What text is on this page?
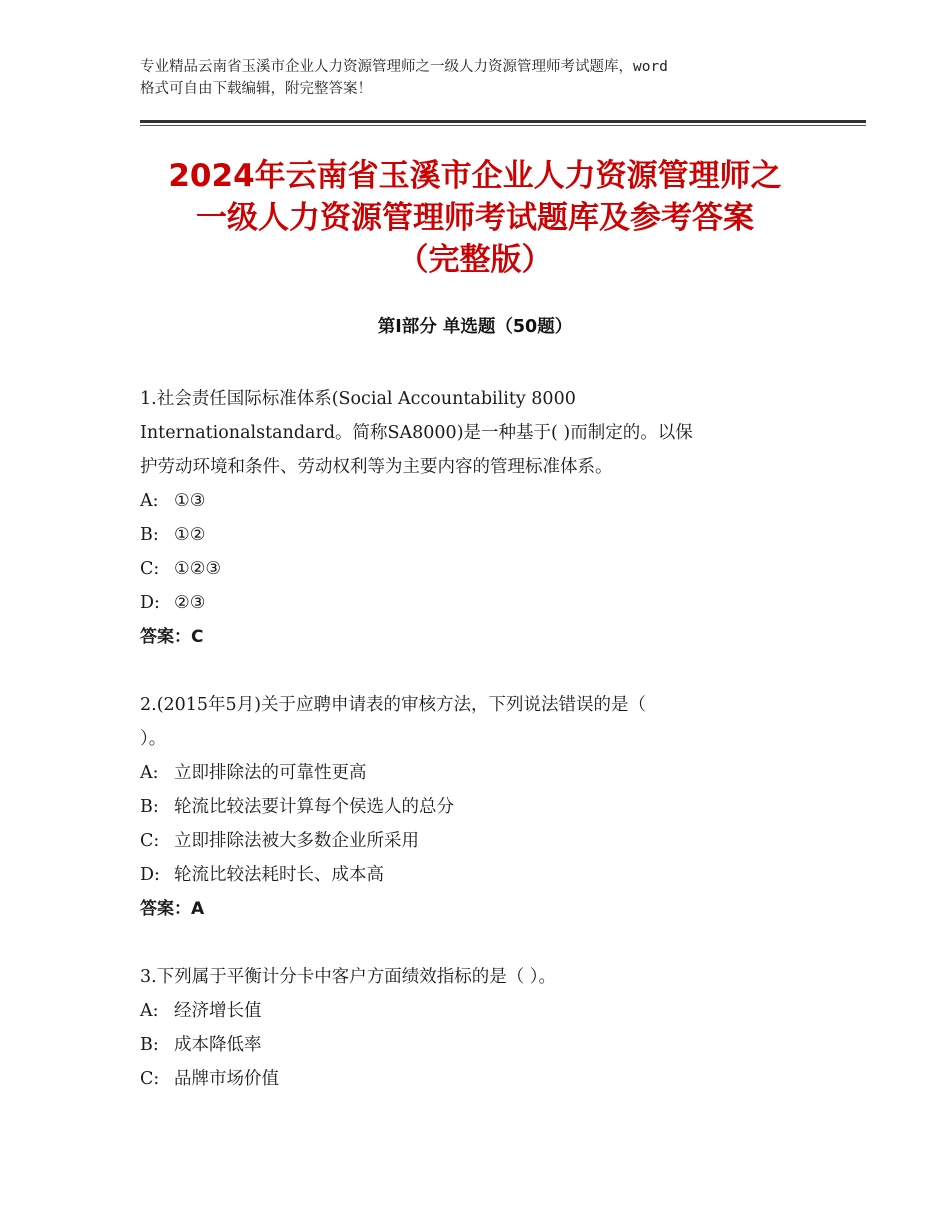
专业精品云南省玉溪市企业人力资源管理师之一级人力资源管理师考试题库，word
格式可自由下载编辑，附完整答案！
2024年云南省玉溪市企业人力资源管理师之
一级人力资源管理师考试题库及参考答案
（完整版）
第Ⅰ部分 单选题（50题）
1.社会责任国际标准体系(Social Accountability 8000
Internationalstandard。简称SA8000)是一种基于( )而制定的。以保
护劳动环境和条件、劳动权利等为主要内容的管理标准体系。
A: ①③
B: ①②
C: ①②③
D: ②③
答案：C
2.(2015年5月)关于应聘申请表的审核方法，下列说法错误的是（
）。
A: 立即排除法的可靠性更高
B: 轮流比较法要计算每个侯选人的总分
C: 立即排除法被大多数企业所采用
D: 轮流比较法耗时长、成本高
答案：A
3.下列属于平衡计分卡中客户方面绩效指标的是（ ）。
A: 经济增长值
B: 成本降低率
C: 品牌市场价值
